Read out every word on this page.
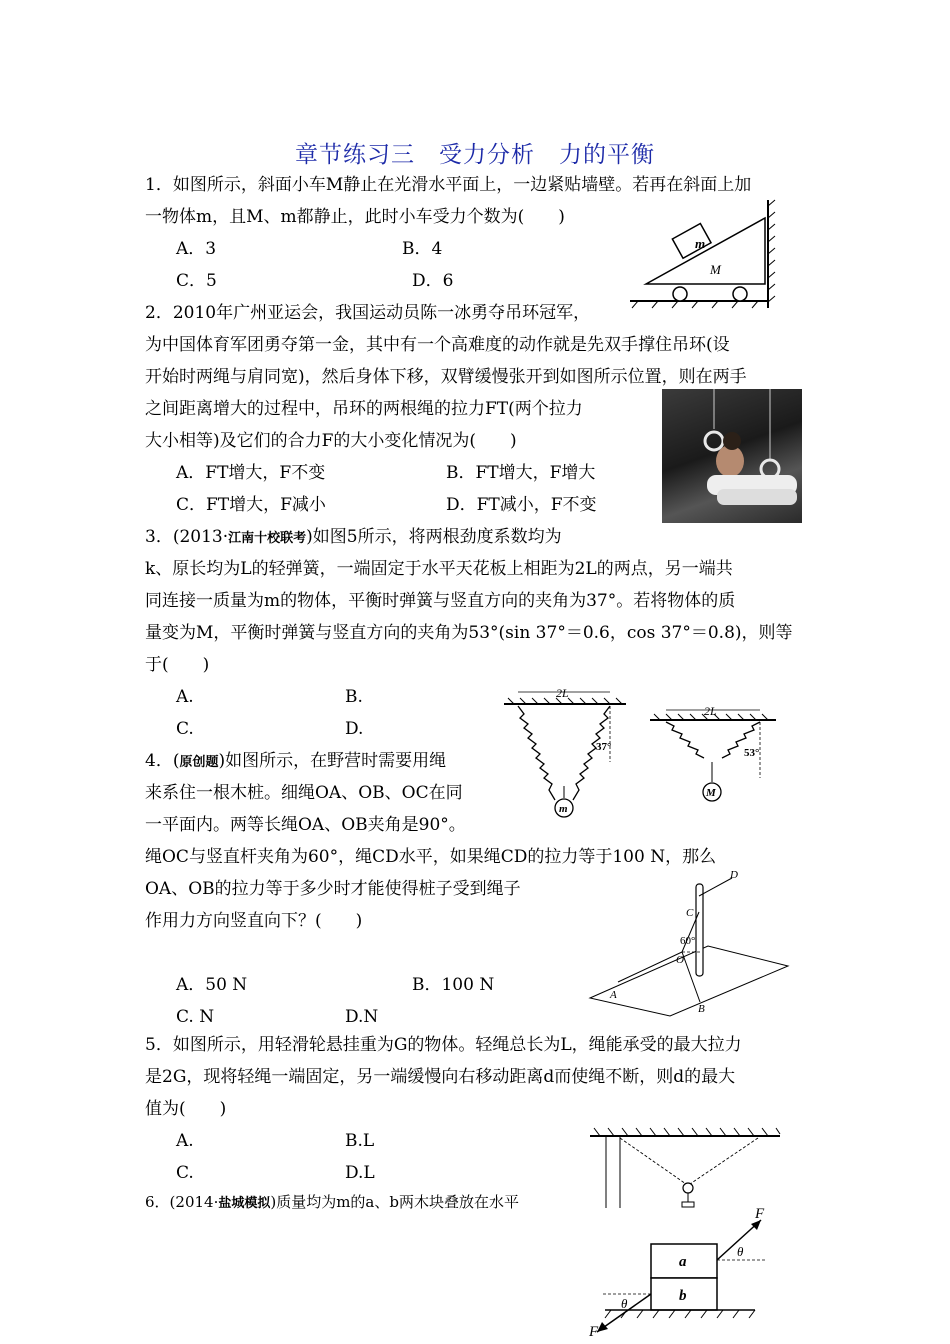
章节练习三　受力分析　力的平衡
1．如图所示，斜面小车M静止在光滑水平面上，一边紧贴墙壁。若再在斜面上加
一物体m，且M、m都静止，此时小车受力个数为(　　)
A．3	B．4
C．5	D．6
m
M
2．2010年广州亚运会，我国运动员陈一冰勇夺吊环冠军，
为中国体育军团勇夺第一金，其中有一个高难度的动作就是先双手撑住吊环(设
开始时两绳与肩同宽)，然后身体下移，双臂缓慢张开到如图所示位置，则在两手
之间距离增大的过程中，吊环的两根绳的拉力FT(两个拉力
大小相等)及它们的合力F的大小变化情况为(　　)
A．FT增大，F不变	B．FT增大，F增大
C．FT增大，F减小	D．FT减小，F不变
3．(2013·江南十校联考)如图5所示，将两根劲度系数均为
k、原长均为L的轻弹簧，一端固定于水平天花板上相距为2L的两点，另一端共
同连接一质量为m的物体，平衡时弹簧与竖直方向的夹角为37°。若将物体的质
量变为M，平衡时弹簧与竖直方向的夹角为53°(sin 37°＝0.6，cos 37°＝0.8)，则等
于(　　)
A.	B.
C.	D.
2L
37°
m
2L
53°
M
4．(原创题)如图所示，在野营时需要用绳
来系住一根木桩。细绳OA、OB、OC在同
一平面内。两等长绳OA、OB夹角是90°。
绳OC与竖直杆夹角为60°，绳CD水平，如果绳CD的拉力等于100 N，那么
OA、OB的拉力等于多少时才能使得桩子受到绳子
作用力方向竖直向下？(　　)
A．50 N	B．100 N
C. N	D.N
D
C
60°
O
A
B
5．如图所示，用轻滑轮悬挂重为G的物体。轻绳总长为L，绳能承受的最大拉力
是2G，现将轻绳一端固定，另一端缓慢向右移动距离d而使绳不断，则d的最大
值为(　　)
A.	B.L
C.	D.L
6．(2014·盐城模拟)质量均为m的a、b两木块叠放在水平
F
θ
a
b
θ
F′
